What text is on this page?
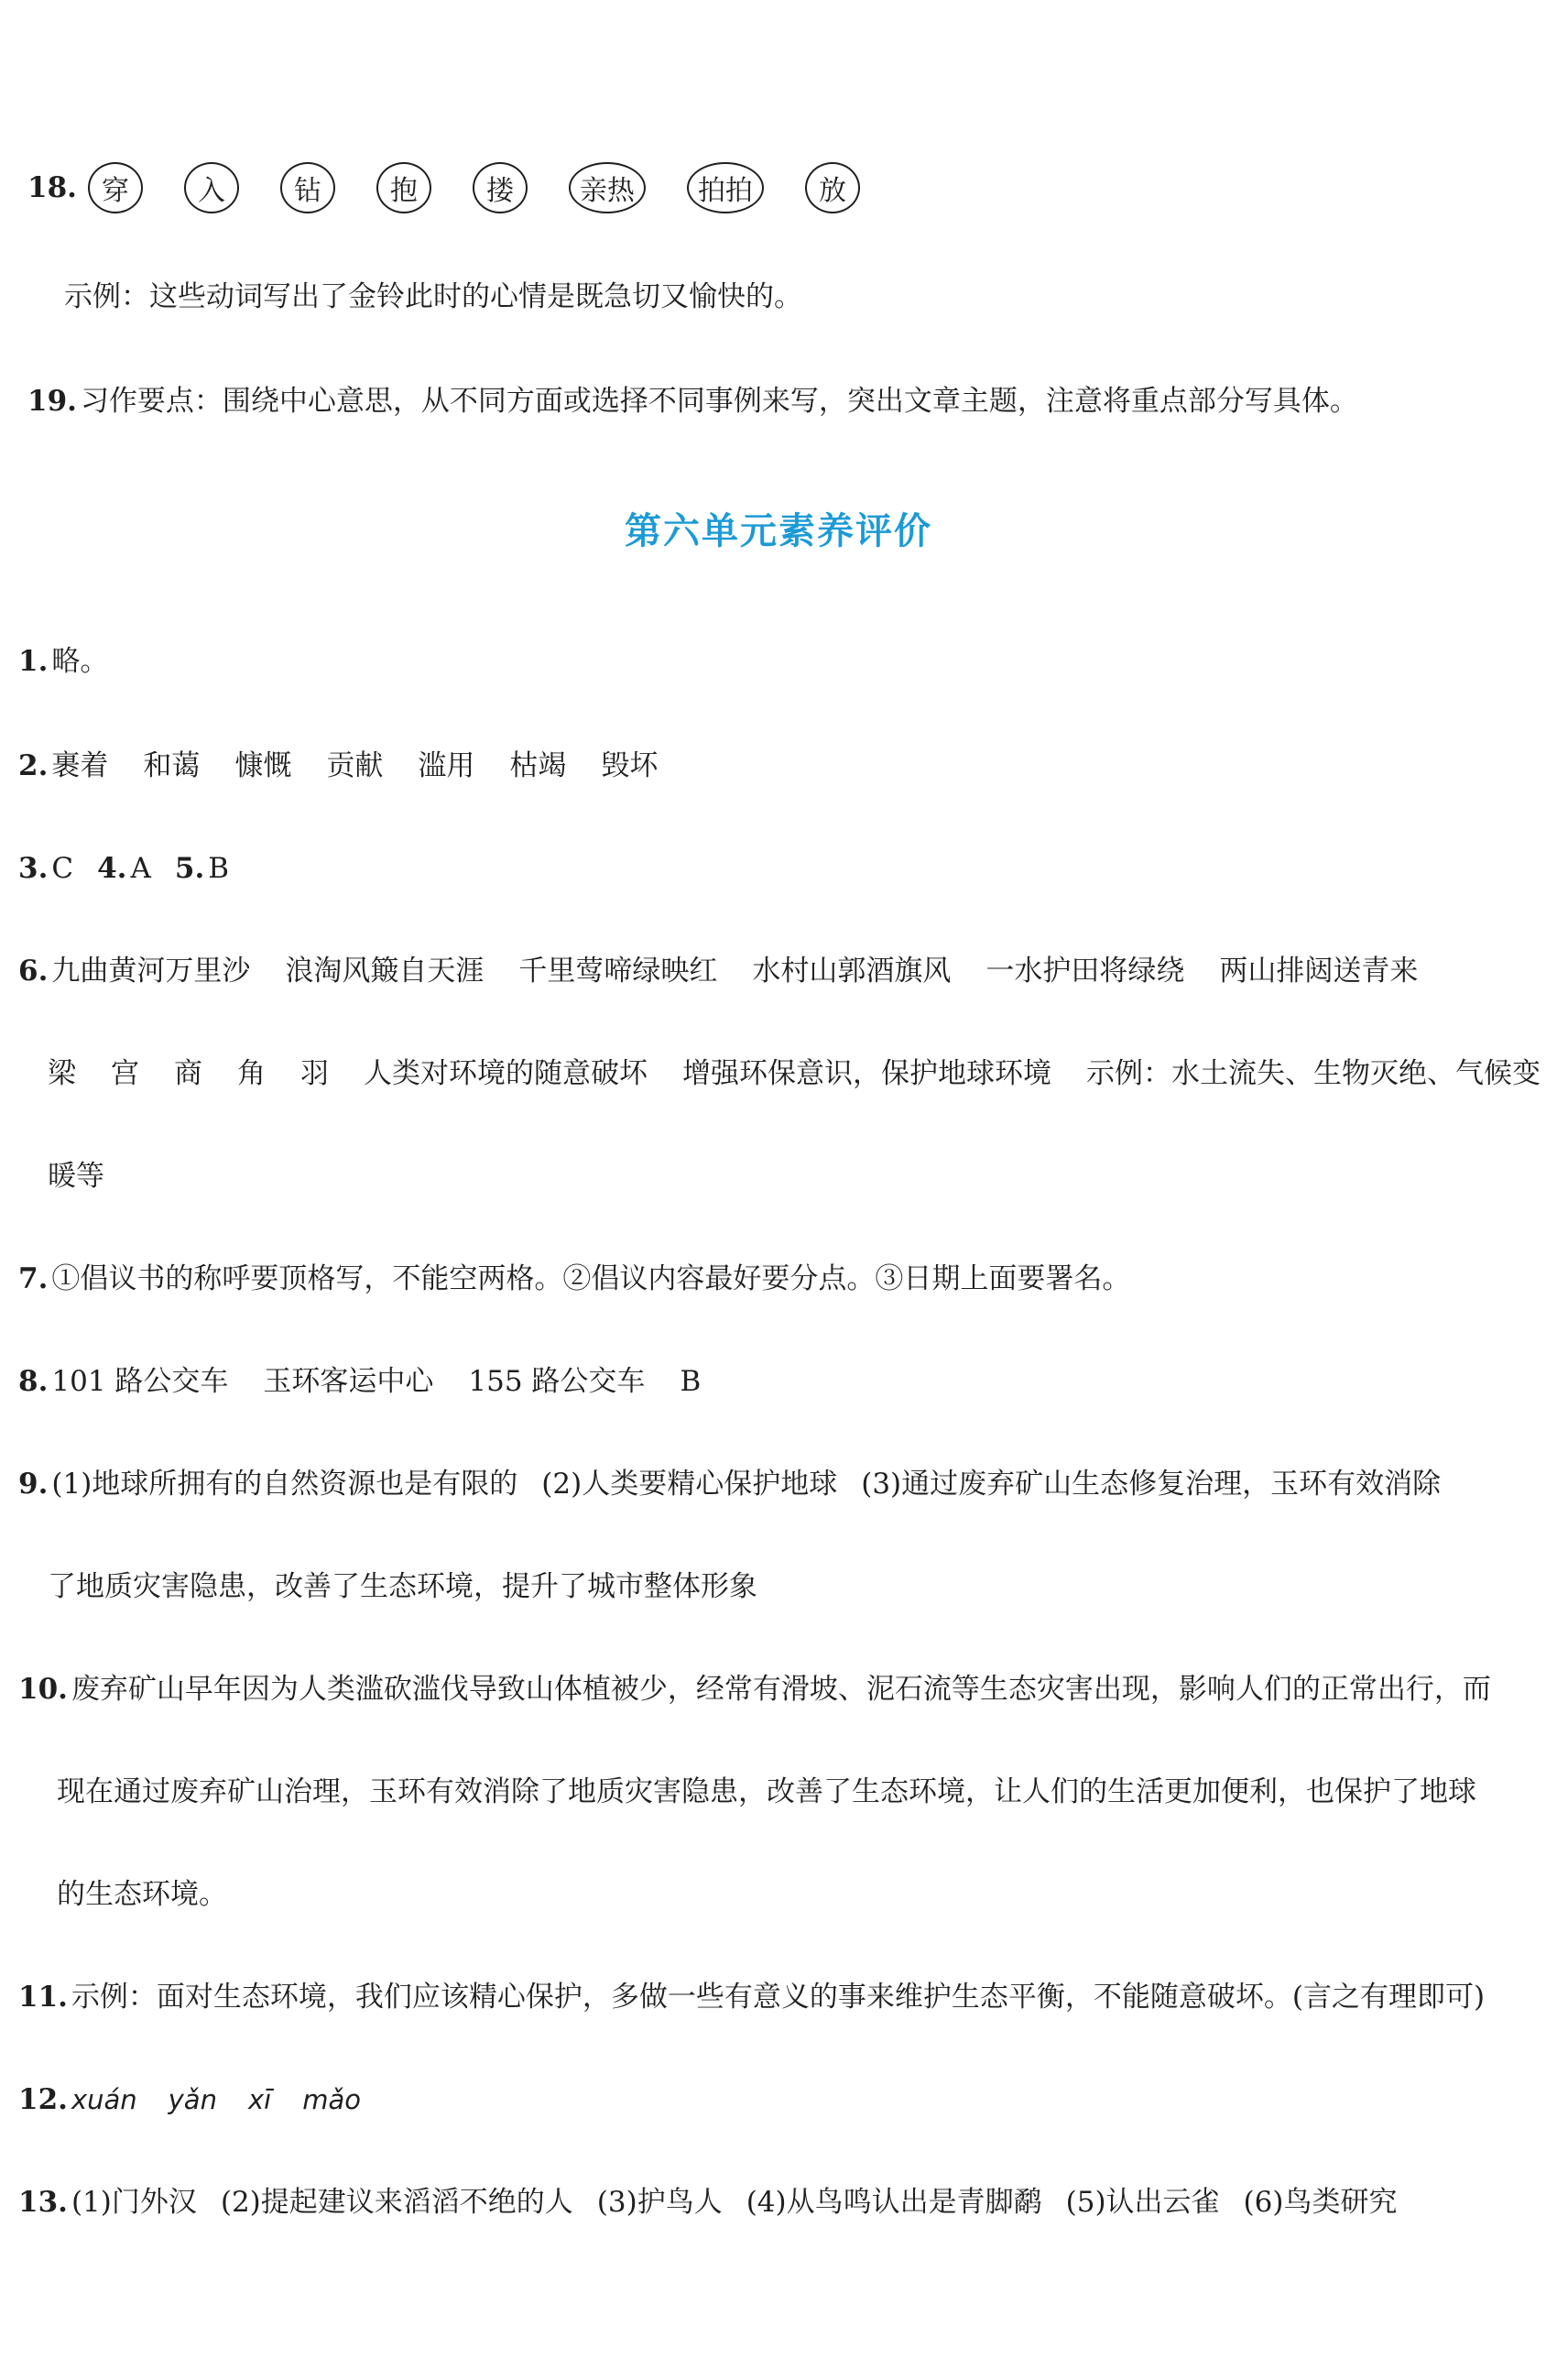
18. 穿	入	钻	抱	搂	亲热	拍拍	放
示例：这些动词写出了金铃此时的心情是既急切又愉快的。
19. 习作要点：围绕中心意思，从不同方面或选择不同事例来写，突出文章主题，注意将重点部分写具体。
第六单元素养评价
1. 略。
2. 裹着 和蔼 慷慨 贡献 滥用 枯竭 毁坏
3. C 4. A 5. B
6. 九曲黄河万里沙 浪淘风簸自天涯 千里莺啼绿映红 水村山郭酒旗风 一水护田将绿绕 两山排闼送青来
梁 宫 商 角 羽 人类对环境的随意破坏 增强环保意识，保护地球环境 示例：水土流失、生物灭绝、气候变
暖等
7. ①倡议书的称呼要顶格写，不能空两格。②倡议内容最好要分点。③日期上面要署名。
8. 101 路公交车 玉环客运中心 155 路公交车 B
9. (1)地球所拥有的自然资源也是有限的 (2)人类要精心保护地球 (3)通过废弃矿山生态修复治理，玉环有效消除
了地质灾害隐患，改善了生态环境，提升了城市整体形象
10. 废弃矿山早年因为人类滥砍滥伐导致山体植被少，经常有滑坡、泥石流等生态灾害出现，影响人们的正常出行，而
现在通过废弃矿山治理，玉环有效消除了地质灾害隐患，改善了生态环境，让人们的生活更加便利，也保护了地球
的生态环境。
11. 示例：面对生态环境，我们应该精心保护，多做一些有意义的事来维护生态平衡，不能随意破坏。(言之有理即可)
12. xuán yǎn xī mǎo
13. (1)门外汉 (2)提起建议来滔滔不绝的人 (3)护鸟人 (4)从鸟鸣认出是青脚鹬 (5)认出云雀 (6)鸟类研究
